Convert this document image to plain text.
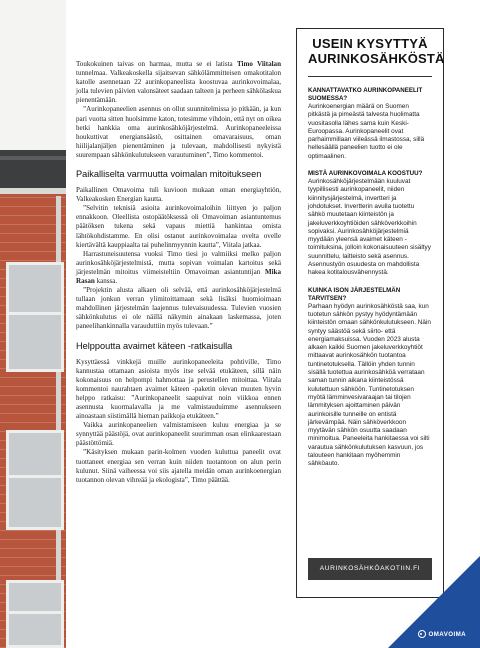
Toukokuinen taivas on harmaa, mutta se ei latista Timo Viitalan tunnelmaa. Valkeakoskella sijaitsevan sähkölämmitteisen omakotitalon katolle asennetaan 22 aurinkopaneelista koostuvaa aurinkovoimalaa, jolla tulevien päivien valonsäteet saadaan talteen ja perheen sähkölaskua pienentämään.

”Aurinkopaneelien asennus on ollut suunnitelmissa jo pitkään, ja kun pari vuotta sitten huolsimme katon, totesimme vihdoin, että nyt on oikea hetki hankkia oma aurinkosähköjärjestelmä. Aurinkopaneeleissa houkuttivat energiansäästö, osittainen omavaraisuus, oman hiilijalanjäljen pienentäminen ja tulevaan, mahdollisesti nykyistä suurempaan sähkönkulutukseen varautuminen”, Timo kommentoi.

Paikalliselta varmuutta voimalan mitoitukseen

Paikallinen Omavoima tuli kuvioon mukaan oman energiayhtiön, Valkeakosken Energian kautta.

”Selvitin teknisiä asioita aurinkovoimaloihin liittyen jo paljon ennakkoon. Oleellista ostopäätöksessä oli Omavoiman asiantuntemus päätöksen tukena sekä vapaus miettiä hankintaa omista lähtökohdistamme. En olisi ostanut aurinkovoimalaa ovelta ovelle kiertävältä kauppiaalta tai puhelinmyynnin kautta”, Viitala jatkaa.

Harrastuneisuutensa vuoksi Timo tiesi jo valmiiksi melko paljon aurinkosähköjärjestelmistä, mutta sopivan voimalan kartoitus sekä järjestelmän mitoitus viimeisteltiin Omavoiman asiantuntijan Mika Rasan kanssa.

”Projektin alusta alkaen oli selvää, että aurinkosähköjärjestelmä tullaan jonkun verran ylimitoittamaan sekä lisäksi huomioimaan mahdollinen järjestelmän laajennus tulevaisuudessa. Tulevien vuosien sähkönkulutus ei ole näillä näkymin ainakaan laskemassa, joten paneelihankinnalla varauduttiin myös tulevaan.”

Helppoutta avaimet käteen -ratkaisulla

Kysyttäessä vinkkejä muille aurinkopaneeleita pohtiville, Timo kannustaa ottamaan asioista myös itse selvää etukäteen, sillä näin kokonaisuus on helpompi hahmottaa ja perustellen mitoittaa. Viitala kommentoi naurahtaen avaimet käteen -paketin olevan muuten hyvin helppo ratkaisu: ”Aurinkopaneelit saapuivat noin viikkoa ennen asennusta kuormalavalla ja me valmistauduimme asennukseen ainoastaan siistimällä hieman paikkoja etukäteen.”

Vaikka aurinkopaneelien valmistamiseen kuluu energiaa ja se synnyttää päästöjä, ovat aurinkopaneelit suurimman osan elinkaarestaan päästöttömiä.

”Käsityksen mukaan parin-kolmen vuoden kuluttua paneelit ovat tuottaneet energiaa sen verran kuin niiden tuotantoon on alun perin kulunut. Siinä vaiheessa voi siis ajatella meidän oman aurinkoenergian tuotannon olevan vihreää ja ekologista”, Timo päättää.

USEIN KYSYTTYÄ
AURINKOSÄHKÖSTÄ
KANNATTAVATKO AURINKOPANEELIT SUOMESSA?
Aurinkoenergian määrä on Suomen pitkästä ja pimeästä talvesta huolimatta vuositasolla lähes sama kuin Keski-Euroopassa. Aurinkopaneelit ovat parhaimmillaan viileässä ilmastossa, sillä hellesäällä paneelien tuotto ei ole optimaalinen.
MISTÄ AURINKOVOIMALA KOOSTUU?
Aurinkosähköjärjestelmään kuuluvat tyypillisesti aurinkopaneelit, niiden kiinnitysjärjestelmä, invertteri ja johdotukset. Invertterin avulla tuotettu sähkö muutetaan kiinteistön ja jakeluverkkoyhtiöiden sähköverkkoihin sopivaksi. Aurinkosähköjärjestelmiä myydään yleensä avaimet käteen -toimituksina, jolloin kokonaisuuteen sisältyy suunnittelu, laitteisto sekä asennus. Asennustyön osuudesta on mahdollista hakea kotitalousvähennystä.
KUINKA ISON JÄRJESTELMÄN TARVITSEN?
Parhaan hyödyn aurinkosähköstä saa, kun tuotetun sähkön pystyy hyödyntämään kiinteistön omaan sähkönkulutukseen. Näin syntyy säästöä sekä siirto- että energiamaksuissa. Vuoden 2023 alusta alkaen kaikki Suomen jakeluverkkoyhtiöt mittaavat aurinkosähkön tuotantoa tuntinetotuksella. Tällöin yhden tunnin sisällä tuotettua aurinkosähköä verrataan saman tunnin aikana kiinteistössä kulutettuun sähköön. Tuntinetotuksen myötä lämminvesivaraajan tai tilojen lämmityksen ajoittaminen päivän aurinkoisille tunneille on entistä järkevämpää. Näin sähköverkkoon myytävän sähkön osuutta saadaan minimoitua. Paneeleita hankitaessa voi silti varautua sähkönkulutuksen kasvuun, jos talouteen hankitaan myöhemmin sähköauto.
AURINKOSÄHKÖAKOTIIN.FI
OMAVOIMA
